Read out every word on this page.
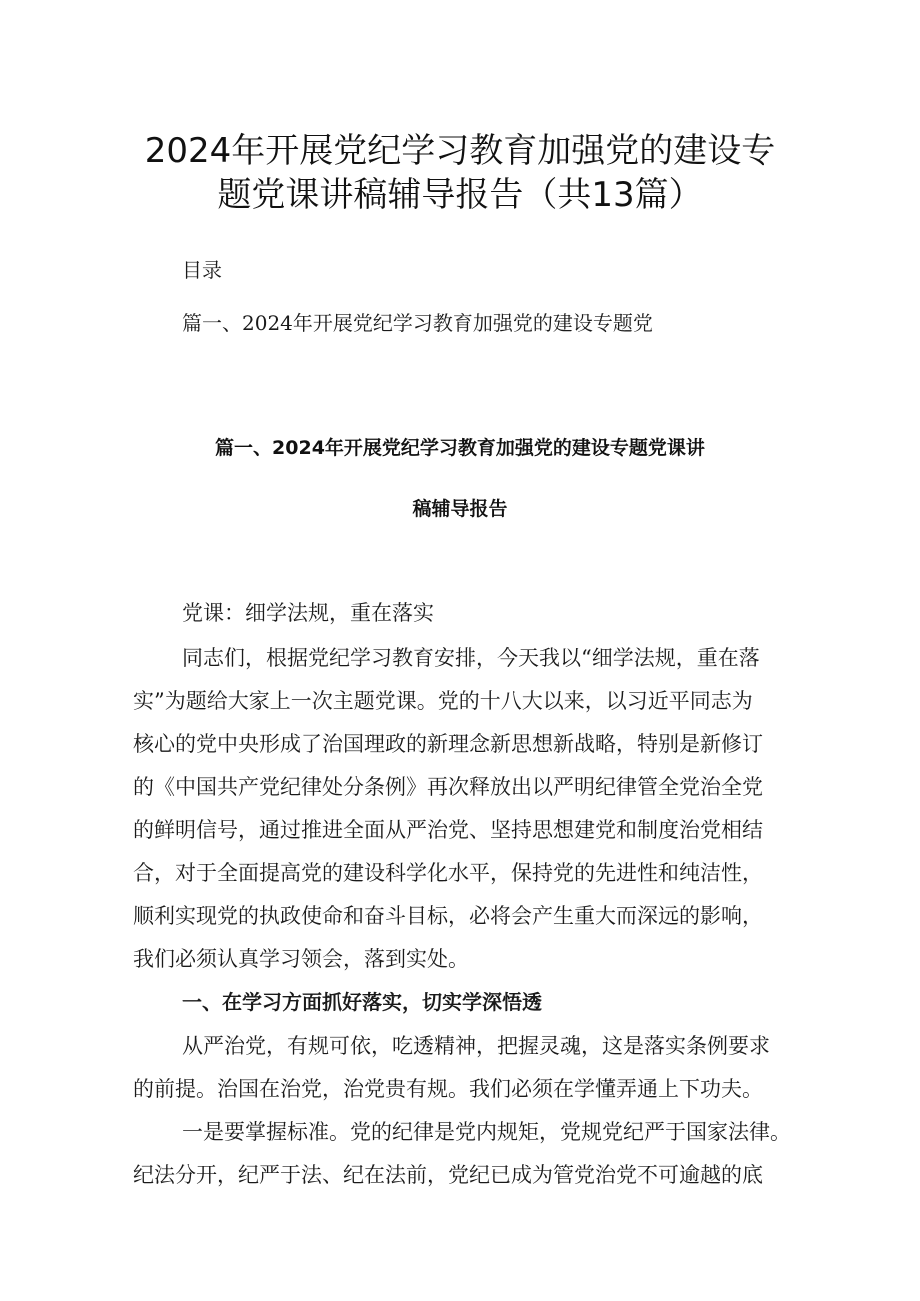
2024年开展党纪学习教育加强党的建设专
题党课讲稿辅导报告（共13篇）
目录
篇一、2024年开展党纪学习教育加强党的建设专题党
篇一、2024年开展党纪学习教育加强党的建设专题党课讲
稿辅导报告
党课：细学法规，重在落实
同志们，根据党纪学习教育安排，今天我以“细学法规，重在落
实”为题给大家上一次主题党课。党的十八大以来，以习近平同志为
核心的党中央形成了治国理政的新理念新思想新战略，特别是新修订
的《中国共产党纪律处分条例》再次释放出以严明纪律管全党治全党
的鲜明信号，通过推进全面从严治党、坚持思想建党和制度治党相结
合，对于全面提高党的建设科学化水平，保持党的先进性和纯洁性，
顺利实现党的执政使命和奋斗目标，必将会产生重大而深远的影响，
我们必须认真学习领会，落到实处。
一、在学习方面抓好落实，切实学深悟透
从严治党，有规可依，吃透精神，把握灵魂，这是落实条例要求
的前提。治国在治党，治党贵有规。我们必须在学懂弄通上下功夫。
一是要掌握标准。党的纪律是党内规矩，党规党纪严于国家法律。
纪法分开，纪严于法、纪在法前，党纪已成为管党治党不可逾越的底
